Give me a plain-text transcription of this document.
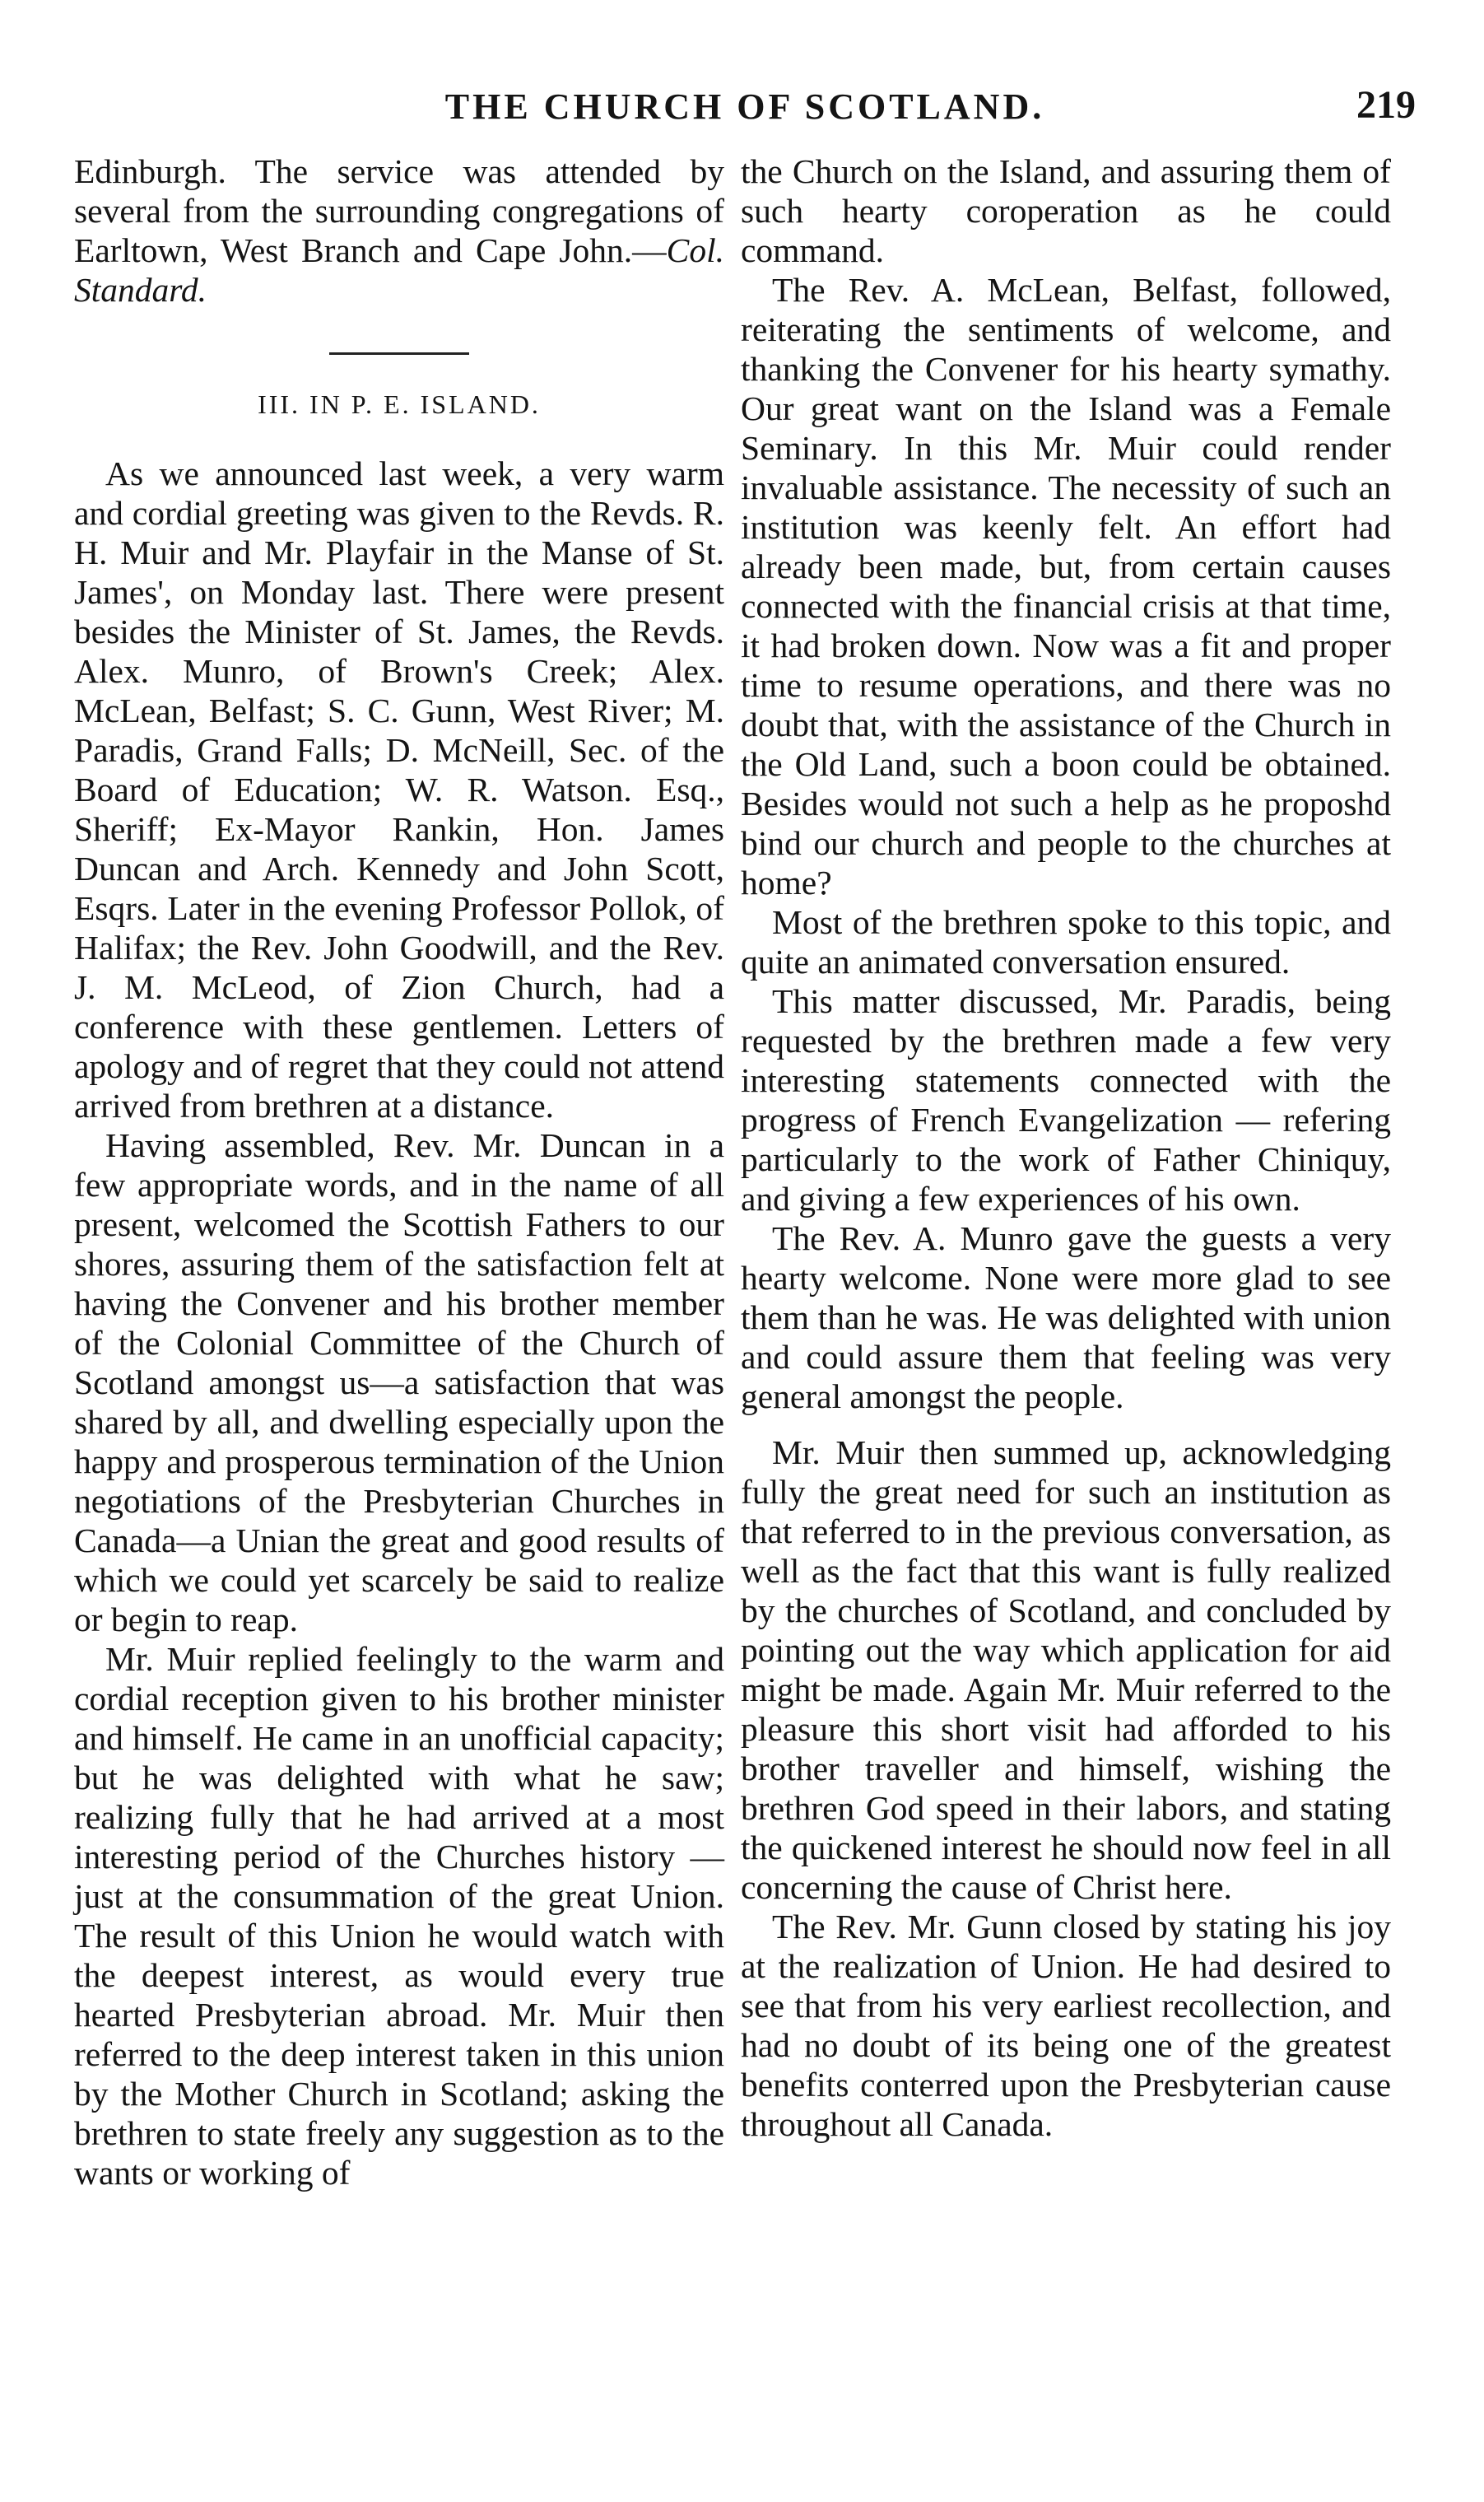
THE CHURCH OF SCOTLAND.	219

Edinburgh. The service was attended by several from the surrounding congregations of Earltown, West Branch and Cape John.—Col. Standard.

III. IN P. E. ISLAND.

As we announced last week, a very warm and cordial greeting was given to the Revds. R. H. Muir and Mr. Playfair in the Manse of St. James', on Monday last. There were present besides the Minister of St. James, the Revds. Alex. Munro, of Brown's Creek; Alex. McLean, Belfast; S. C. Gunn, West River; M. Paradis, Grand Falls; D. McNeill, Sec. of the Board of Education; W. R. Watson. Esq., Sheriff; Ex-Mayor Rankin, Hon. James Duncan and Arch. Kennedy and John Scott, Esqrs. Later in the evening Professor Pollok, of Halifax; the Rev. John Goodwill, and the Rev. J. M. McLeod, of Zion Church, had a conference with these gentlemen. Letters of apology and of regret that they could not attend arrived from brethren at a distance.

Having assembled, Rev. Mr. Duncan in a few appropriate words, and in the name of all present, welcomed the Scottish Fathers to our shores, assuring them of the satisfaction felt at having the Convener and his brother member of the Colonial Committee of the Church of Scotland amongst us—a satisfaction that was shared by all, and dwelling especially upon the happy and prosperous termination of the Union negotiations of the Presbyterian Churches in Canada—a Unian the great and good results of which we could yet scarcely be said to realize or begin to reap.

Mr. Muir replied feelingly to the warm and cordial reception given to his brother minister and himself. He came in an unofficial capacity; but he was delighted with what he saw; realizing fully that he had arrived at a most interesting period of the Churches history —just at the consummation of the great Union. The result of this Union he would watch with the deepest interest, as would every true hearted Presbyterian abroad. Mr. Muir then referred to the deep interest taken in this union by the Mother Church in Scotland; asking the brethren to state freely any suggestion as to the wants or working of

the Church on the Island, and assuring them of such hearty coroperation as he could command.

The Rev. A. McLean, Belfast, followed, reiterating the sentiments of welcome, and thanking the Convener for his hearty symathy. Our great want on the Island was a Female Seminary. In this Mr. Muir could render invaluable assistance. The necessity of such an institution was keenly felt. An effort had already been made, but, from certain causes connected with the financial crisis at that time, it had broken down. Now was a fit and proper time to resume operations, and there was no doubt that, with the assistance of the Church in the Old Land, such a boon could be obtained. Besides would not such a help as he proposhd bind our church and people to the churches at home?

Most of the brethren spoke to this topic, and quite an animated conversation ensured.

This matter discussed, Mr. Paradis, being requested by the brethren made a few very interesting statements connected with the progress of French Evangelization — refering particularly to the work of Father Chiniquy, and giving a few experiences of his own.

The Rev. A. Munro gave the guests a very hearty welcome. None were more glad to see them than he was. He was delighted with union and could assure them that feeling was very general amongst the people.

Mr. Muir then summed up, acknowledging fully the great need for such an institution as that referred to in the previous conversation, as well as the fact that this want is fully realized by the churches of Scotland, and concluded by pointing out the way which application for aid might be made. Again Mr. Muir referred to the pleasure this short visit had afforded to his brother traveller and himself, wishing the brethren God speed in their labors, and stating the quickened interest he should now feel in all concerning the cause of Christ here.

The Rev. Mr. Gunn closed by stating his joy at the realization of Union. He had desired to see that from his very earliest recollection, and had no doubt of its being one of the greatest benefits conterred upon the Presbyterian cause throughout all Canada.
